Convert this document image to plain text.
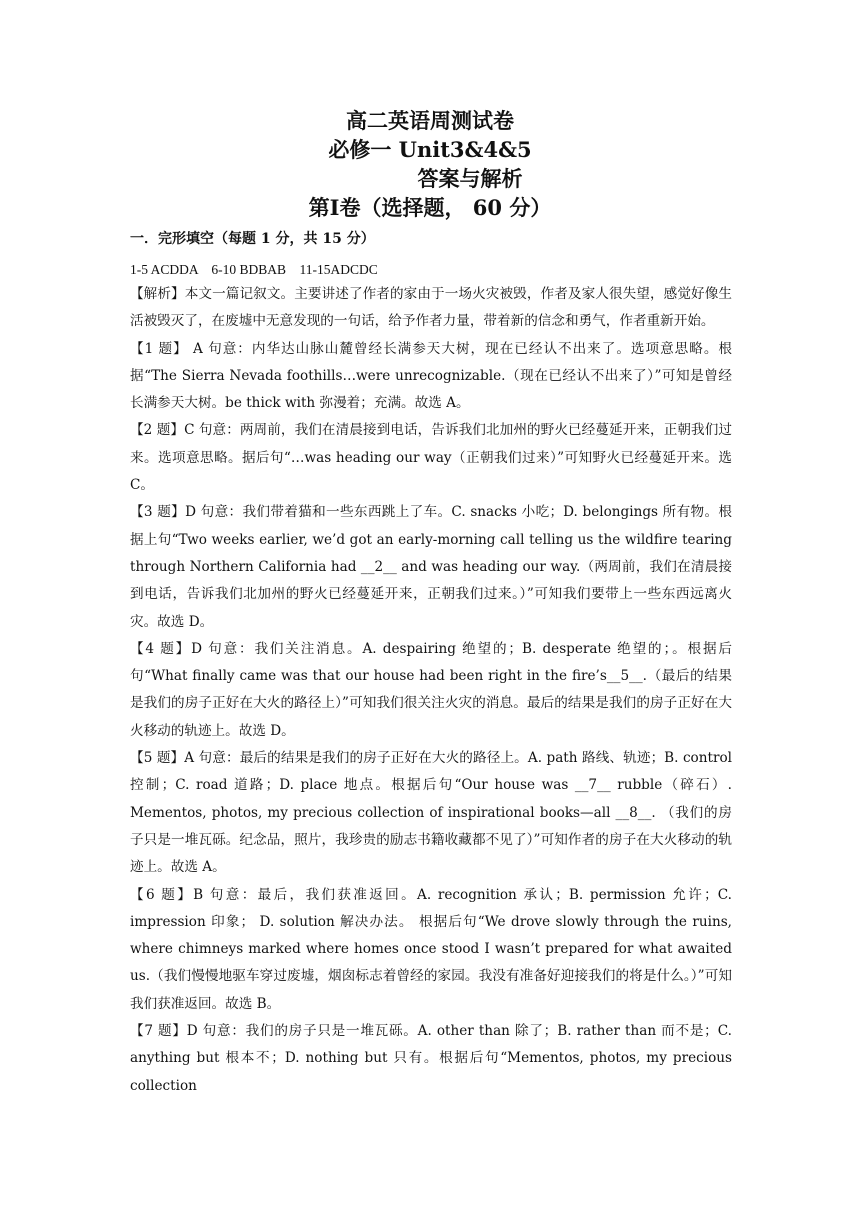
高二英语周测试卷
必修一 Unit3&4&5
答案与解析
第Ⅰ卷（选择题， 60 分）
一．完形填空（每题 1 分，共 15 分）
1-5 ACDDA　6-10 BDBAB　11-15ADCDC

【解析】本文一篇记叙文。主要讲述了作者的家由于一场火灾被毁，作者及家人很失望，感觉好像生活被毁灭了，在废墟中无意发现的一句话，给予作者力量，带着新的信念和勇气，作者重新开始。

【1 题】 A 句意：内华达山脉山麓曾经长满参天大树，现在已经认不出来了。选项意思略。根据“The Sierra Nevada foothills…were unrecognizable.（现在已经认不出来了）”可知是曾经长满参天大树。be thick with 弥漫着；充满。故选 A。

【2 题】C 句意：两周前，我们在清晨接到电话，告诉我们北加州的野火已经蔓延开来，正朝我们过来。选项意思略。据后句“…was heading our way（正朝我们过来）”可知野火已经蔓延开来。选 C。

【3 题】D 句意：我们带着猫和一些东西跳上了车。C. snacks 小吃；D. belongings 所有物。根据上句“Two weeks earlier, we’d got an early-morning call telling us the wildfire tearing through Northern California had __2__ and was heading our way.（两周前，我们在清晨接到电话，告诉我们北加州的野火已经蔓延开来，正朝我们过来。）”可知我们要带上一些东西远离火灾。故选 D。

【4 题】D 句意：我们关注消息。A. despairing 绝望的；B. desperate 绝望的；。根据后句“What finally came was that our house had been right in the fire’s__5__.（最后的结果是我们的房子正好在大火的路径上）”可知我们很关注火灾的消息。最后的结果是我们的房子正好在大火移动的轨迹上。故选 D。

【5 题】A 句意：最后的结果是我们的房子正好在大火的路径上。A. path 路线、轨迹；B. control 控制；C. road 道路；D. place 地点。根据后句“Our house was __7__ rubble（碎石）. Mementos, photos, my precious collection of inspirational books—all __8__. （我们的房子只是一堆瓦砾。纪念品，照片，我珍贵的励志书籍收藏都不见了）”可知作者的房子在大火移动的轨迹上。故选 A。

【6 题】B 句意：最后，我们获准返回。A. recognition 承认；B. permission 允许；C. impression 印象； D. solution 解决办法。 根据后句“We drove slowly through the ruins, where chimneys marked where homes once stood I wasn’t prepared for what awaited us.（我们慢慢地驱车穿过废墟，烟囱标志着曾经的家园。我没有准备好迎接我们的将是什么。）”可知我们获准返回。故选 B。

【7 题】D 句意：我们的房子只是一堆瓦砾。A. other than 除了；B. rather than 而不是；C. anything but 根本不；D. nothing but 只有。根据后句“Mementos, photos, my precious collection
